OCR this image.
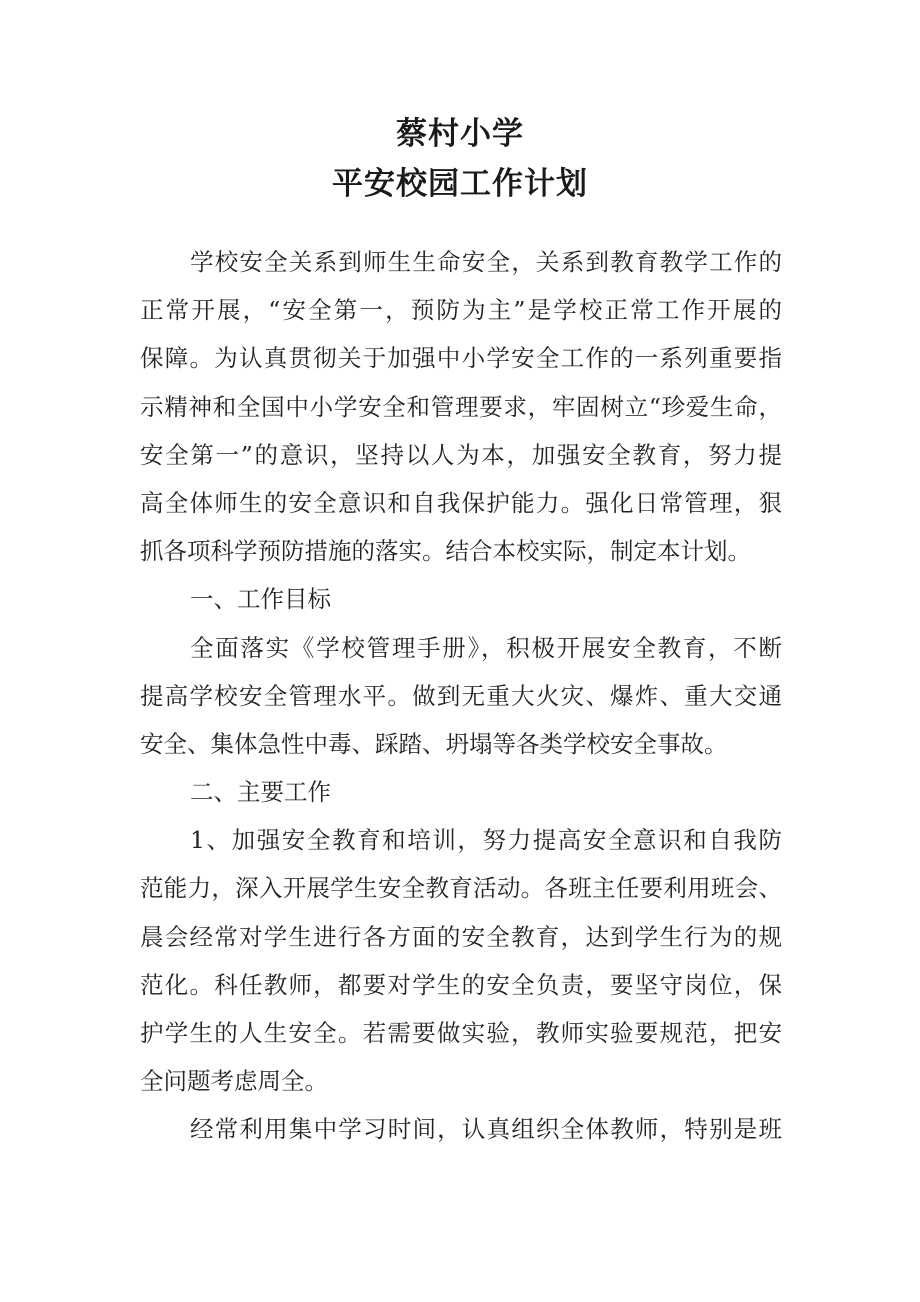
蔡村小学
平安校园工作计划
学校安全关系到师生生命安全，关系到教育教学工作的
正常开展，“安全第一，预防为主”是学校正常工作开展的
保障。为认真贯彻关于加强中小学安全工作的一系列重要指
示精神和全国中小学安全和管理要求，牢固树立“珍爱生命，
安全第一”的意识，坚持以人为本，加强安全教育，努力提
高全体师生的安全意识和自我保护能力。强化日常管理，狠
抓各项科学预防措施的落实。结合本校实际，制定本计划。
一、工作目标
全面落实《学校管理手册》，积极开展安全教育，不断
提高学校安全管理水平。做到无重大火灾、爆炸、重大交通
安全、集体急性中毒、踩踏、坍塌等各类学校安全事故。
二、主要工作
1、加强安全教育和培训，努力提高安全意识和自我防
范能力，深入开展学生安全教育活动。各班主任要利用班会、
晨会经常对学生进行各方面的安全教育，达到学生行为的规
范化。科任教师，都要对学生的安全负责，要坚守岗位，保
护学生的人生安全。若需要做实验，教师实验要规范，把安
全问题考虑周全。
经常利用集中学习时间，认真组织全体教师，特别是班
